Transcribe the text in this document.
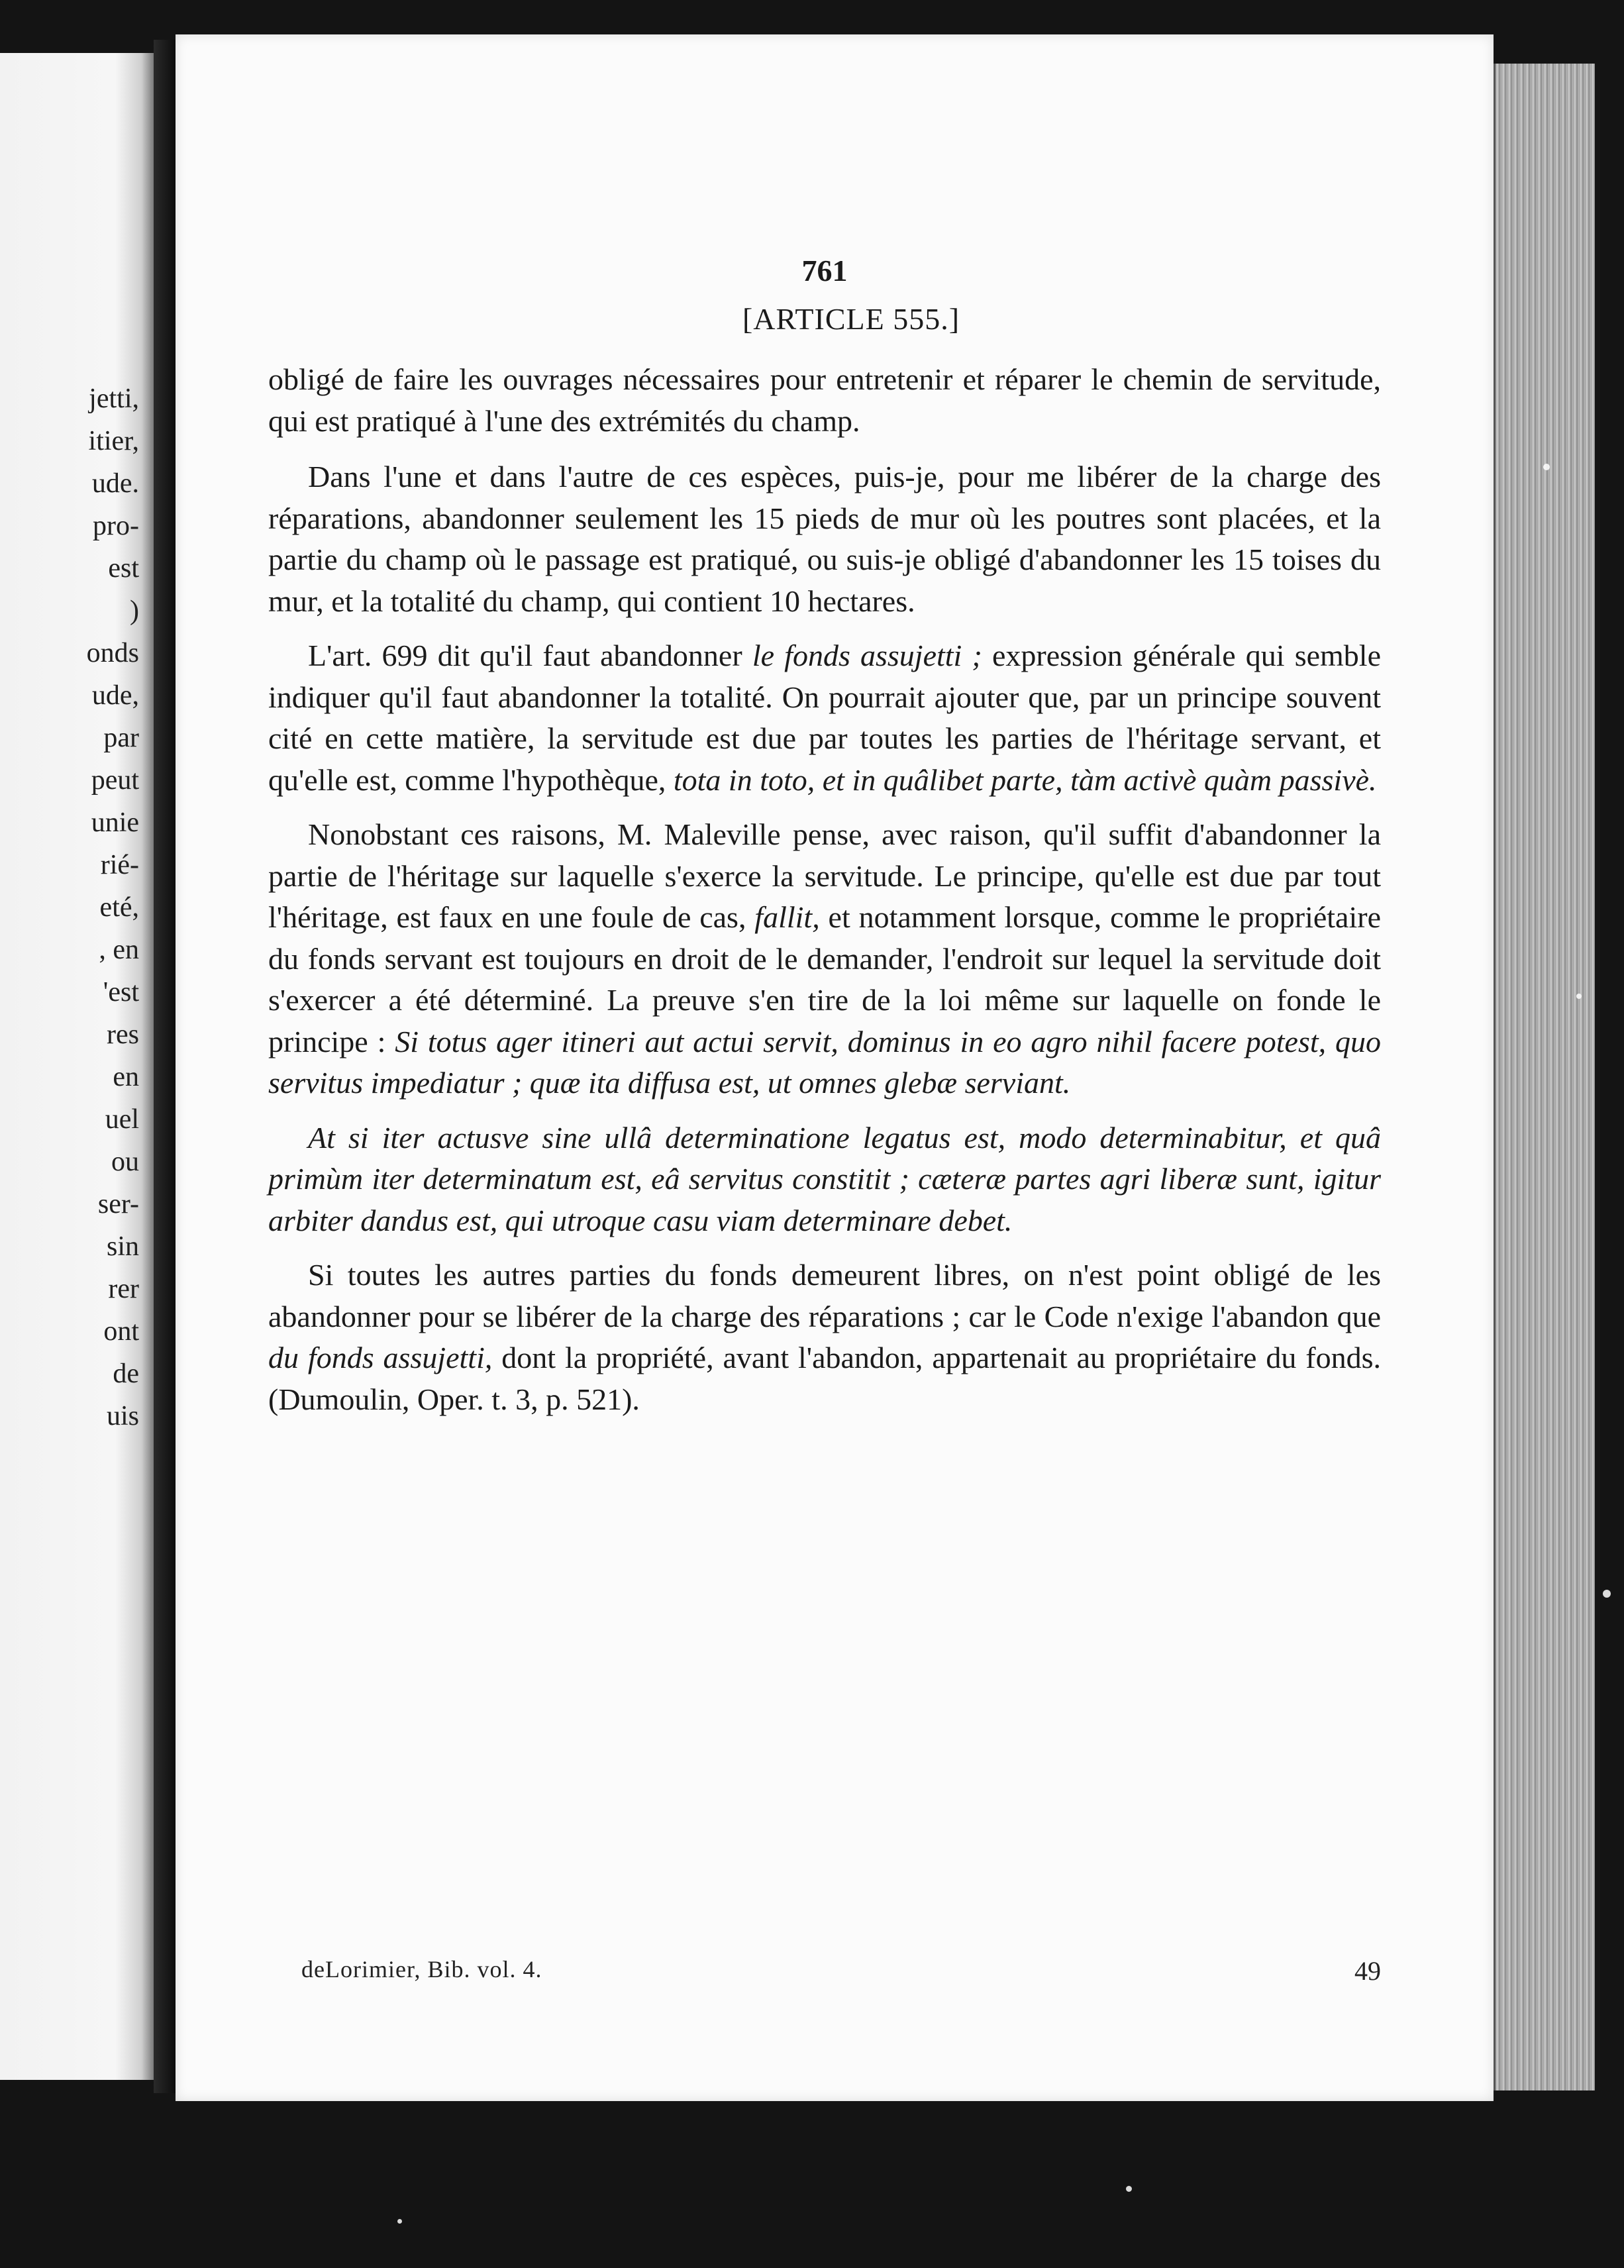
jetti,
itier,
ude.
pro-
est
)
onds
ude,
par
peut
unie
rié-
eté,
, en
'est
res
en
uel
ou
ser-
sin
rer
ont
de
uis
761
[ARTICLE 555.]

obligé de faire les ouvrages nécessaires pour entretenir et réparer le chemin de servitude, qui est pratiqué à l'une des extrémités du champ.

Dans l'une et dans l'autre de ces espèces, puis-je, pour me libérer de la charge des réparations, abandonner seulement les 15 pieds de mur où les poutres sont placées, et la partie du champ où le passage est pratiqué, ou suis-je obligé d'abandonner les 15 toises du mur, et la totalité du champ, qui contient 10 hectares.

L'art. 699 dit qu'il faut abandonner le fonds assujetti ; expression générale qui semble indiquer qu'il faut abandonner la totalité. On pourrait ajouter que, par un principe souvent cité en cette matière, la servitude est due par toutes les parties de l'héritage servant, et qu'elle est, comme l'hypothèque, tota in toto, et in quâlibet parte, tàm activè quàm passivè.

Nonobstant ces raisons, M. Maleville pense, avec raison, qu'il suffit d'abandonner la partie de l'héritage sur laquelle s'exerce la servitude. Le principe, qu'elle est due par tout l'héritage, est faux en une foule de cas, fallit, et notamment lorsque, comme le propriétaire du fonds servant est toujours en droit de le demander, l'endroit sur lequel la servitude doit s'exercer a été déterminé. La preuve s'en tire de la loi même sur laquelle on fonde le principe : Si totus ager itineri aut actui servit, dominus in eo agro nihil facere potest, quo servitus impediatur ; quæ ita diffusa est, ut omnes glebæ serviant.

At si iter actusve sine ullâ determinatione legatus est, modo determinabitur, et quâ primùm iter determinatum est, eâ servitus constitit ; cæteræ partes agri liberæ sunt, igitur arbiter dandus est, qui utroque casu viam determinare debet.

Si toutes les autres parties du fonds demeurent libres, on n'est point obligé de les abandonner pour se libérer de la charge des réparations ; car le Code n'exige l'abandon que du fonds assujetti, dont la propriété, avant l'abandon, appartenait au propriétaire du fonds. (Dumoulin, Oper. t. 3, p. 521).

deLorimier, Bib. vol. 4.	49
